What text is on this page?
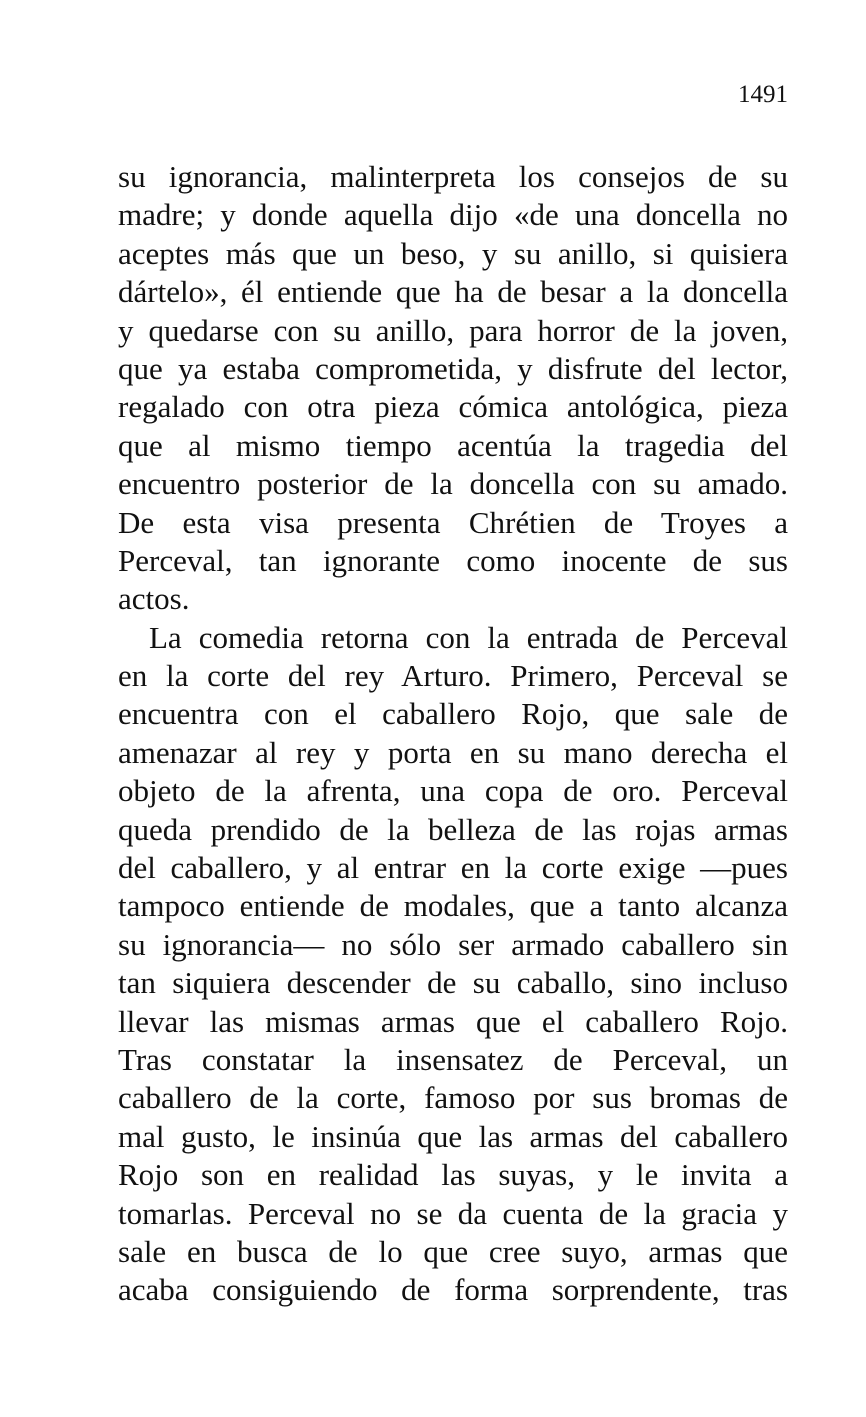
1491
su ignorancia, malinterpreta los consejos de su
madre; y donde aquella dijo «de una doncella no
aceptes más que un beso, y su anillo, si quisiera
dártelo», él entiende que ha de besar a la doncella
y quedarse con su anillo, para horror de la joven,
que ya estaba comprometida, y disfrute del lector,
regalado con otra pieza cómica antológica, pieza
que al mismo tiempo acentúa la tragedia del
encuentro posterior de la doncella con su amado.
De esta visa presenta Chrétien de Troyes a
Perceval, tan ignorante como inocente de sus
actos.
La comedia retorna con la entrada de Perceval
en la corte del rey Arturo. Primero, Perceval se
encuentra con el caballero Rojo, que sale de
amenazar al rey y porta en su mano derecha el
objeto de la afrenta, una copa de oro. Perceval
queda prendido de la belleza de las rojas armas
del caballero, y al entrar en la corte exige —pues
tampoco entiende de modales, que a tanto alcanza
su ignorancia— no sólo ser armado caballero sin
tan siquiera descender de su caballo, sino incluso
llevar las mismas armas que el caballero Rojo.
Tras constatar la insensatez de Perceval, un
caballero de la corte, famoso por sus bromas de
mal gusto, le insinúa que las armas del caballero
Rojo son en realidad las suyas, y le invita a
tomarlas. Perceval no se da cuenta de la gracia y
sale en busca de lo que cree suyo, armas que
acaba consiguiendo de forma sorprendente, tras
